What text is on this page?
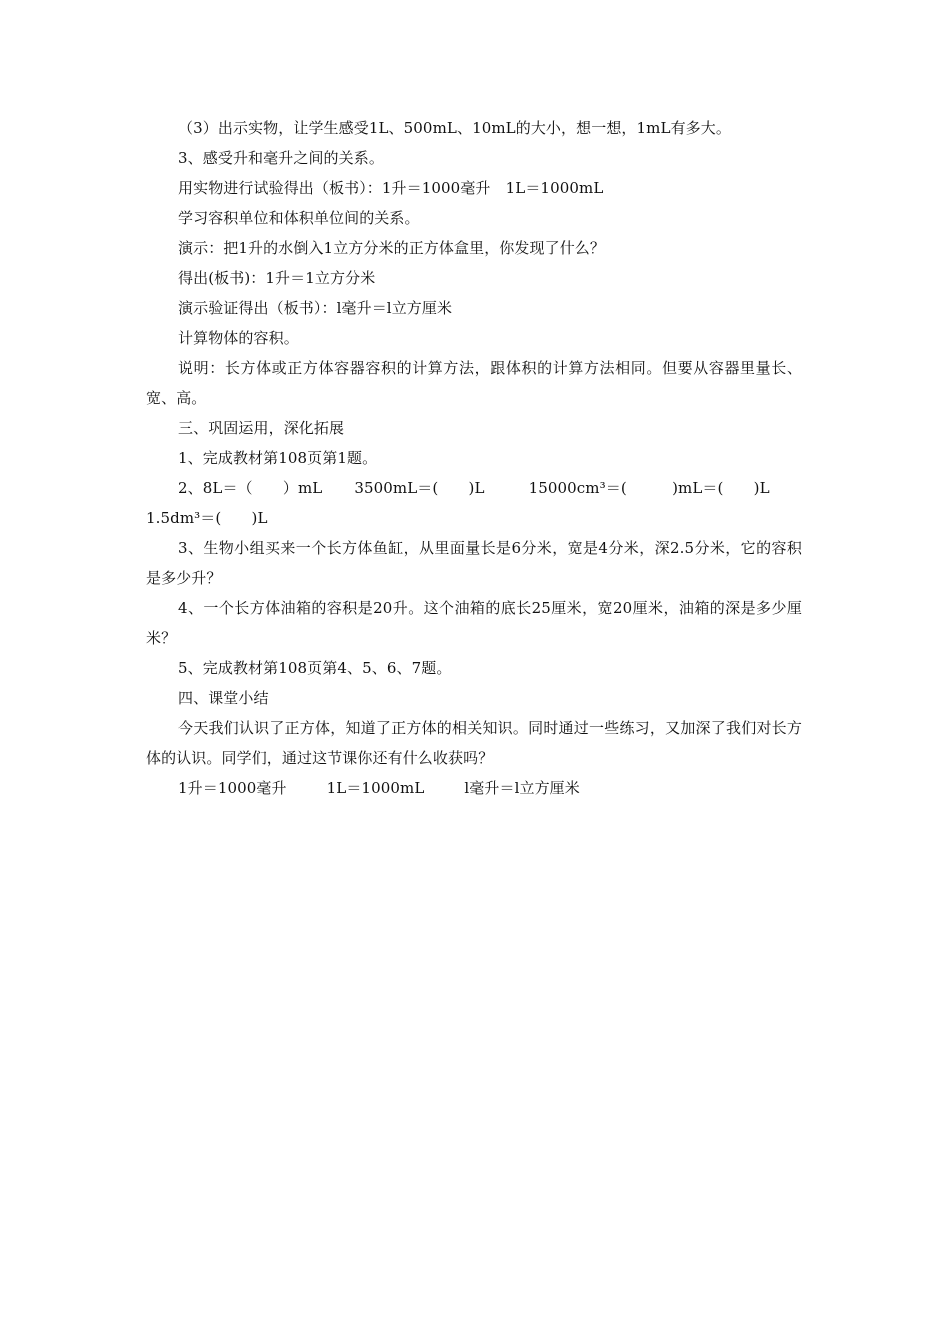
（3）出示实物，让学生感受1L、500mL、10mL的大小，想一想，1mL有多大。
3、感受升和毫升之间的关系。
用实物进行试验得出（板书）：1升＝1000毫升　1L＝1000mL
学习容积单位和体积单位间的关系。
演示：把1升的水倒入1立方分米的正方体盒里，你发现了什么？
得出(板书)：1升＝1立方分米
演示验证得出（板书）：l毫升＝l立方厘米
计算物体的容积。
说明：长方体或正方体容器容积的计算方法，跟体积的计算方法相同。但要从容器里量长、宽、高。
三、巩固运用，深化拓展
1、完成教材第108页第1题。
2、8L＝（　　）mL 3500mL＝(　　)L	15000cm³＝(　　　)mL＝(　　)L
1.5dm³＝(　　)L
3、生物小组买来一个长方体鱼缸，从里面量长是6分米，宽是4分米，深2.5分米，它的容积是多少升？
4、一个长方体油箱的容积是20升。这个油箱的底长25厘米，宽20厘米，油箱的深是多少厘米？
5、完成教材第108页第4、5、6、7题。
四、课堂小结
今天我们认识了正方体，知道了正方体的相关知识。同时通过一些练习，又加深了我们对长方体的认识。同学们，通过这节课你还有什么收获吗？
1升＝1000毫升	1L＝1000mL	l毫升＝l立方厘米
